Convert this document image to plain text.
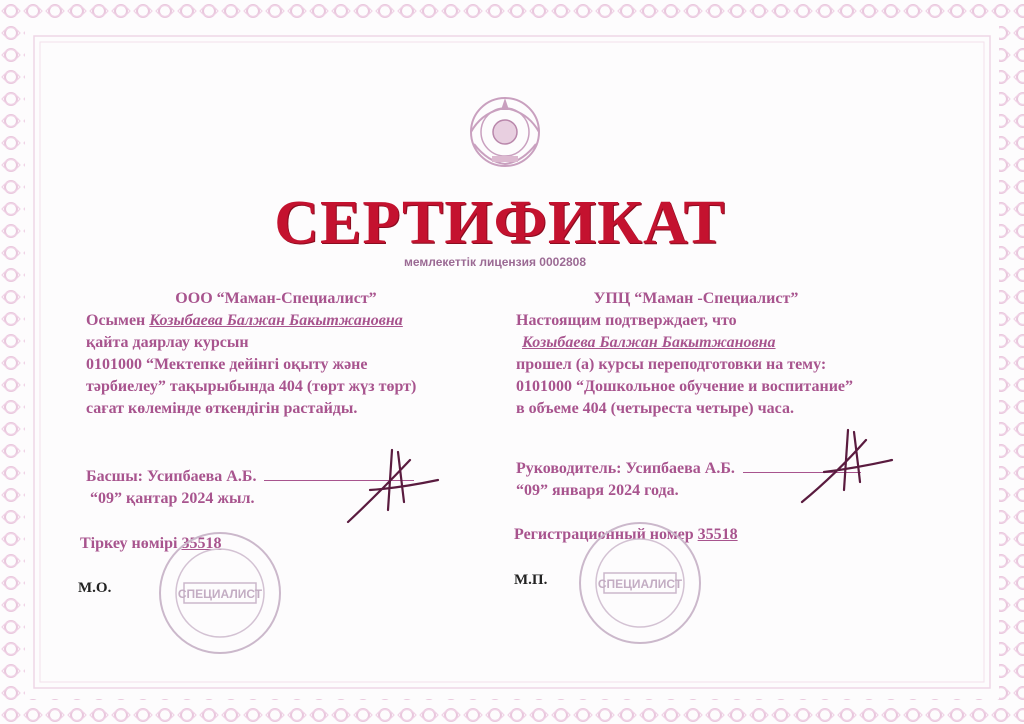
СЕРТИФИКАТ
мемлекеттік лицензия 0002808
ООО “Маман-Специалист”
Осымен Козыбаева Балжан Бакытжановна
қайта даярлау курсын
0101000 “Мектепке дейінгі оқыту және
тәрбиелеу” тақырыбында 404 (төрт жүз төрт)
сағат көлемінде өткендігін растайды.
Басшы: Усипбаева А.Б.
“09” қантар 2024 жыл.
Тіркеу нөмірі 35518
М.О.
УПЦ “Маман -Специалист”
Настоящим подтверждает, что
Козыбаева Балжан Бакытжановна
прошел (а) курсы переподготовки на тему:
0101000 “Дошкольное обучение и воспитание”
в объеме 404 (четыреста четыре) часа.
Руководитель: Усипбаева А.Б.
“09” января 2024 года.
Регистрационный номер 35518
М.П.
СПЕЦИАЛИСТ
СПЕЦИАЛИСТ
